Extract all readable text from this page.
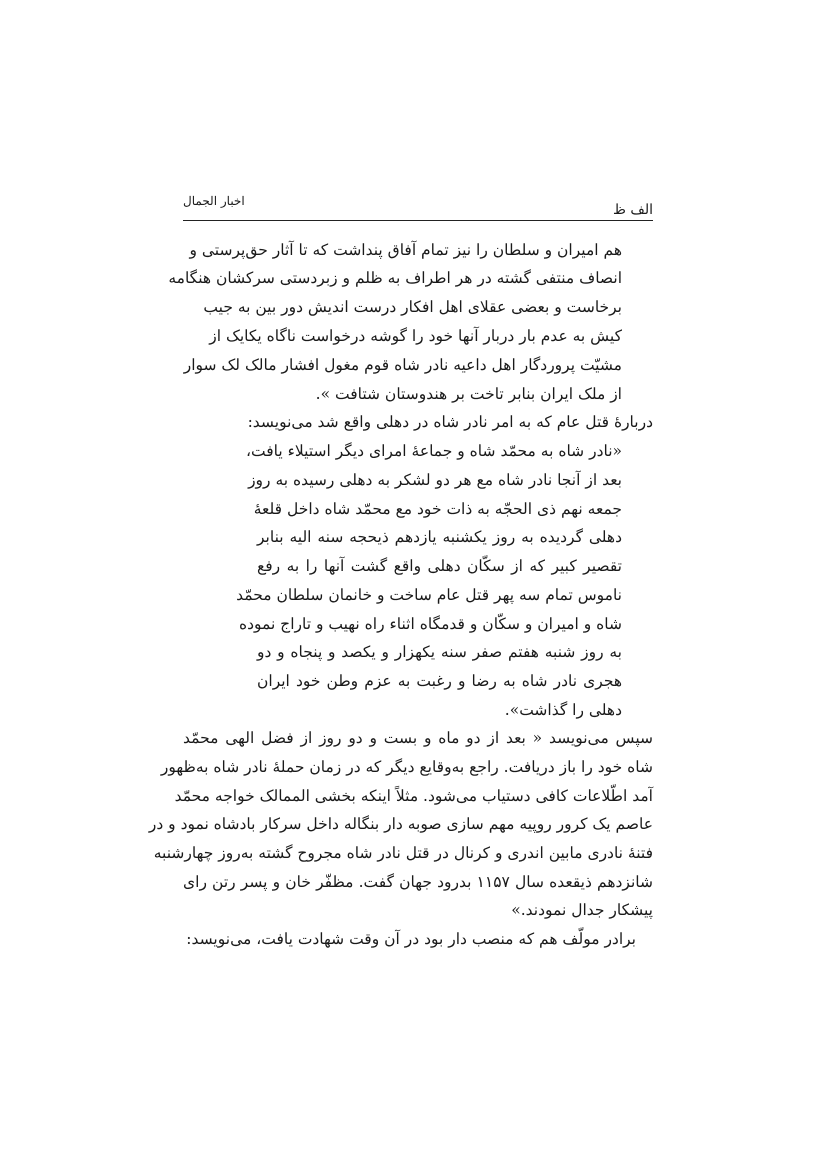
الف ظ
اخبار الجمال
هم امیران و سلطان را نیز تمام آفاق پنداشت که تا آثار حق‌پرستی و
انصاف منتفی گشته در هر اطراف به ظلم و زبردستی سرکشان هنگامه
برخاست و بعضی عقلای اهل افکار درست اندیش دور بین به جیب
کیش به عدم بار دربار آنها خود را گوشه درخواست ناگاه یکایک از
مشیّت پروردگار اهل داعیه نادر شاه قوم مغول افشار مالک لک سوار
از ملک ایران بنابر تاخت بر هندوستان شتافت ».
دربارۀ قتل عام که به امر نادر شاه در دهلی واقع شد می‌نویسد:
«نادر شاه به محمّد شاه و جماعۀ امرای دیگر استیلاء یافت،
بعد از آنجا نادر شاه مع هر دو لشکر به دهلی رسیده به روز
جمعه نهم ذی الحجّه به ذات خود مع محمّد شاه داخل قلعۀ
دهلی گردیده به روز یکشنبه یازدهم ذیحجه سنه الیه بنابر
تقصیر کبیر که از سکّان دهلی واقع گشت آنها را به رفع
ناموس تمام سه پهر قتل عام ساخت و خانمان سلطان محمّد
شاه و امیران و سکّان و قدمگاه اثناء راه نهیب و تاراج نموده
به روز شنبه هفتم صفر سنه یکهزار و یکصد و پنجاه و دو
هجری نادر شاه به رضا و رغبت به عزم وطن خود ایران
دهلی را گذاشت».
سپس می‌نویسد « بعد از دو ماه و بست و دو روز از فضل الهی محمّد
شاه خود را باز دریافت. راجع به‌وقایع دیگر که در زمان حملۀ نادر شاه به‌ظهور
آمد اطّلاعات کافی دستیاب می‌شود. مثلاً اینکه بخشی الممالک خواجه محمّد
عاصم یک کرور روپیه مهم سازی صوبه دار بنگاله داخل سرکار بادشاه نمود و در
فتنۀ نادری مابین اندری و کرنال در قتل نادر شاه مجروح گشته به‌روز چهارشنبه
شانزدهم ذیقعده سال ۱۱۵۷ بدرود جهان گفت. مظفّر خان و پسر رتن رای
پیشکار جدال نمودند.»
برادر مولّف هم که منصب دار بود در آن وقت شهادت یافت، می‌نویسد:
